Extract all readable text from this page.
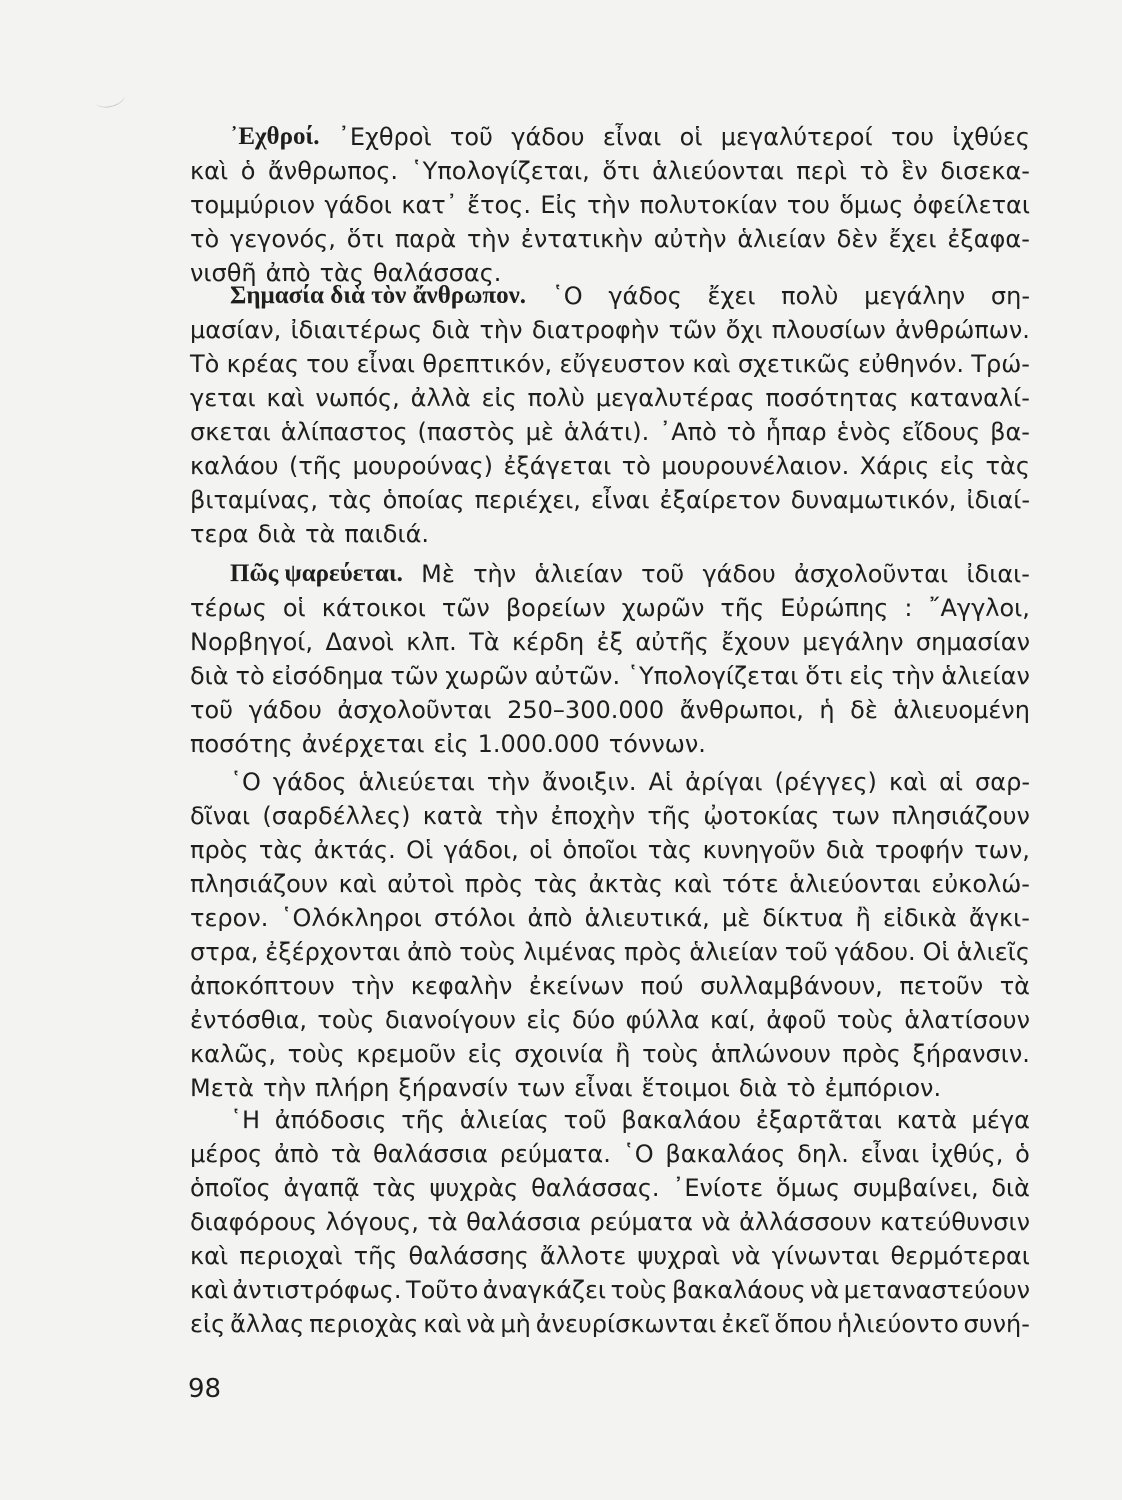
᾿Εχθροί. ᾿Εχθροὶ τοῦ γάδου εἶναι οἱ μεγαλύτεροί του ἰχθύες
καὶ ὁ ἄνθρωπος. ῾Υπολογίζεται, ὅτι ἁλιεύονται περὶ τὸ ἓν δισεκα-
τομμύριον γάδοι κατ᾿ ἔτος. Εἰς τὴν πολυτοκίαν του ὅμως ὀφείλεται
τὸ γεγονός, ὅτι παρὰ τὴν ἐντατικὴν αὐτὴν ἁλιείαν δὲν ἔχει ἐξαφα-
νισθῆ ἀπὸ τὰς θαλάσσας.
Σημασία διὰ τὸν ἄνθρωπον. ῾Ο γάδος ἔχει πολὺ μεγάλην ση-
μασίαν, ἰδιαιτέρως διὰ τὴν διατροφὴν τῶν ὄχι πλουσίων ἀνθρώπων.
Τὸ κρέας του εἶναι θρεπτικόν, εὔγευστον καὶ σχετικῶς εὐθηνόν. Τρώ-
γεται καὶ νωπός, ἀλλὰ εἰς πολὺ μεγαλυτέρας ποσότητας καταναλί-
σκεται ἁλίπαστος (παστὸς μὲ ἁλάτι). ᾿Απὸ τὸ ἧπαρ ἑνὸς εἴδους βα-
καλάου (τῆς μουρούνας) ἐξάγεται τὸ μουρουνέλαιον. Χάρις εἰς τὰς
βιταμίνας, τὰς ὁποίας περιέχει, εἶναι ἐξαίρετον δυναμωτικόν, ἰδιαί-
τερα διὰ τὰ παιδιά.
Πῶς ψαρεύεται. Μὲ τὴν ἁλιείαν τοῦ γάδου ἀσχολοῦνται ἰδιαι-
τέρως οἱ κάτοικοι τῶν βορείων χωρῶν τῆς Εὐρώπης : ῎Αγγλοι,
Νορβηγοί, Δανοὶ κλπ. Τὰ κέρδη ἐξ αὐτῆς ἔχουν μεγάλην σημασίαν
διὰ τὸ εἰσόδημα τῶν χωρῶν αὐτῶν. ῾Υπολογίζεται ὅτι εἰς τὴν ἁλιείαν
τοῦ γάδου ἀσχολοῦνται 250–300.000 ἄνθρωποι, ἡ δὲ ἁλιευομένη
ποσότης ἀνέρχεται εἰς 1.000.000 τόννων.
῾Ο γάδος ἁλιεύεται τὴν ἄνοιξιν. Αἱ ἀρίγαι (ρέγγες) καὶ αἱ σαρ-
δῖναι (σαρδέλλες) κατὰ τὴν ἐποχὴν τῆς ᾠοτοκίας των πλησιάζουν
πρὸς τὰς ἀκτάς. Οἱ γάδοι, οἱ ὁποῖοι τὰς κυνηγοῦν διὰ τροφήν των,
πλησιάζουν καὶ αὐτοὶ πρὸς τὰς ἀκτὰς καὶ τότε ἁλιεύονται εὐκολώ-
τερον. ῾Ολόκληροι στόλοι ἀπὸ ἁλιευτικά, μὲ δίκτυα ἢ εἰδικὰ ἄγκι-
στρα, ἐξέρχονται ἀπὸ τοὺς λιμένας πρὸς ἁλιείαν τοῦ γάδου. Οἱ ἁλιεῖς
ἀποκόπτουν τὴν κεφαλὴν ἐκείνων πού συλλαμβάνουν, πετοῦν τὰ
ἐντόσθια, τοὺς διανοίγουν εἰς δύο φύλλα καί, ἀφοῦ τοὺς ἁλατίσουν
καλῶς, τοὺς κρεμοῦν εἰς σχοινία ἢ τοὺς ἁπλώνουν πρὸς ξήρανσιν.
Μετὰ τὴν πλήρη ξήρανσίν των εἶναι ἕτοιμοι διὰ τὸ ἐμπόριον.
῾Η ἀπόδοσις τῆς ἁλιείας τοῦ βακαλάου ἐξαρτᾶται κατὰ μέγα
μέρος ἀπὸ τὰ θαλάσσια ρεύματα. ῾Ο βακαλάος δηλ. εἶναι ἰχθύς, ὁ
ὁποῖος ἀγαπᾷ τὰς ψυχρὰς θαλάσσας. ᾿Ενίοτε ὅμως συμβαίνει, διὰ
διαφόρους λόγους, τὰ θαλάσσια ρεύματα νὰ ἀλλάσσουν κατεύθυνσιν
καὶ περιοχαὶ τῆς θαλάσσης ἄλλοτε ψυχραὶ νὰ γίνωνται θερμότεραι
καὶ ἀντιστρόφως. Τοῦτο ἀναγκάζει τοὺς βακαλάους νὰ μεταναστεύουν
εἰς ἄλλας περιοχὰς καὶ νὰ μὴ ἀνευρίσκωνται ἐκεῖ ὅπου ἡλιεύοντο συνή-
98
